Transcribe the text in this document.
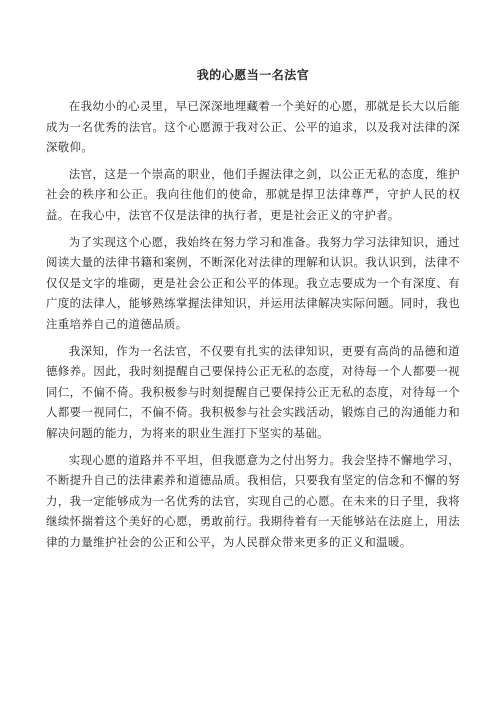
我的心愿当一名法官

在我幼小的心灵里，早已深深地埋藏着一个美好的心愿，那就是长大以后能成为一名优秀的法官。这个心愿源于我对公正、公平的追求，以及我对法律的深深敬仰。

法官，这是一个崇高的职业，他们手握法律之剑，以公正无私的态度，维护社会的秩序和公正。我向往他们的使命，那就是捍卫法律尊严，守护人民的权益。在我心中，法官不仅是法律的执行者，更是社会正义的守护者。

为了实现这个心愿，我始终在努力学习和准备。我努力学习法律知识，通过阅读大量的法律书籍和案例，不断深化对法律的理解和认识。我认识到，法律不仅仅是文字的堆砌，更是社会公正和公平的体现。我立志要成为一个有深度、有广度的法律人，能够熟练掌握法律知识，并运用法律解决实际问题。同时，我也注重培养自己的道德品质。

我深知，作为一名法官，不仅要有扎实的法律知识，更要有高尚的品德和道德修养。因此，我时刻提醒自己要保持公正无私的态度，对待每一个人都要一视同仁，不偏不倚。我积极参与时刻提醒自己要保持公正无私的态度，对待每一个人都要一视同仁，不偏不倚。我积极参与社会实践活动，锻炼自己的沟通能力和解决问题的能力，为将来的职业生涯打下坚实的基础。

实现心愿的道路并不平坦，但我愿意为之付出努力。我会坚持不懈地学习，不断提升自己的法律素养和道德品质。我相信，只要我有坚定的信念和不懈的努力，我一定能够成为一名优秀的法官，实现自己的心愿。在未来的日子里，我将继续怀揣着这个美好的心愿，勇敢前行。我期待着有一天能够站在法庭上，用法律的力量维护社会的公正和公平，为人民群众带来更多的正义和温暖。
